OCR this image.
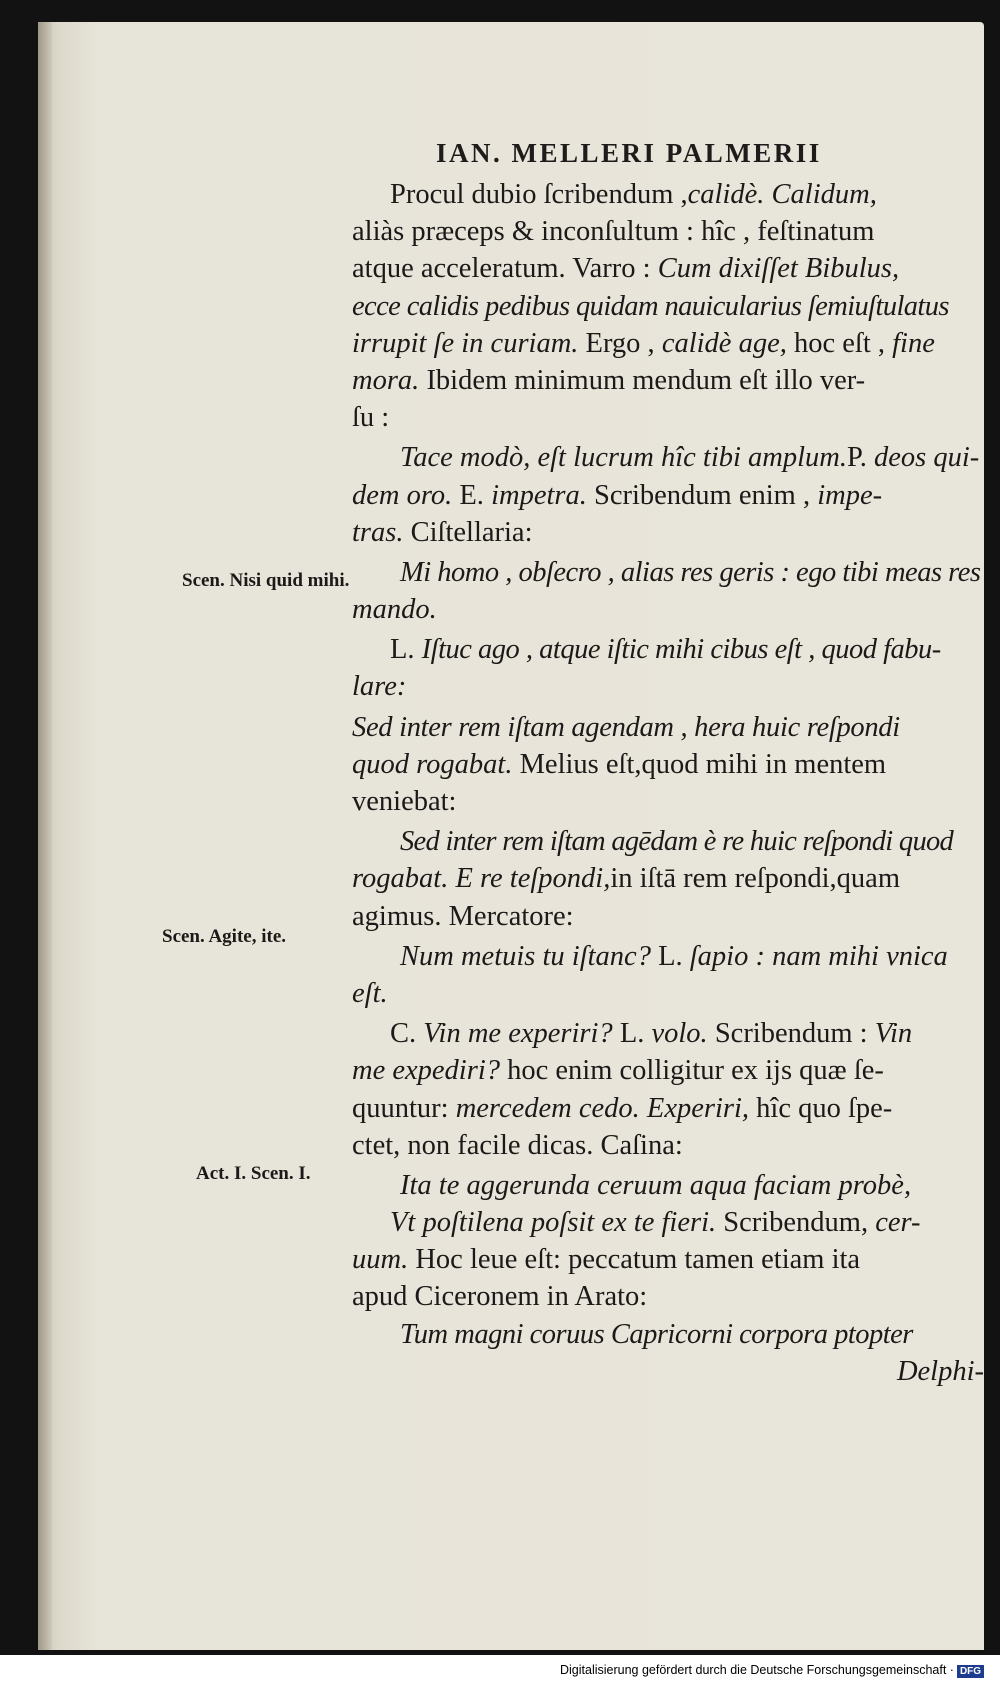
IAN. MELLERI PALMERII
Scen. Nisi quid mihi.
Scen. Agite, ite.
Act. I. Scen. I.
Procul dubio ſcribendum ,calidè. Calidum,
aliàs præceps & inconſultum : hîc , feſtinatum
atque acceleratum. Varro : Cum dixiſſet Bibulus,
ecce calidis pedibus quidam nauicularius ſemiuſtulatus
irrupit ſe in curiam. Ergo , calidè age, hoc eſt , fine
mora. Ibidem minimum mendum eſt illo ver-
ſu :
Tace modò, eſt lucrum hîc tibi amplum.P. deos qui-
dem oro. E. impetra. Scribendum enim , impe-
tras. Ciſtellaria:
Mi homo , obſecro , alias res geris : ego tibi meas res
mando.
L. Iſtuc ago , atque iſtic mihi cibus eſt , quod fabu-
lare:
Sed inter rem iſtam agendam , hera huic reſpondi
quod rogabat. Melius eſt,quod mihi in mentem
veniebat:
Sed inter rem iſtam agēdam è re huic reſpondi quod
rogabat. E re teſpondi,in iſtā rem reſpondi,quam
agimus. Mercatore:
Num metuis tu iſtanc? L. ſapio : nam mihi vnica
eſt.
C. Vin me experiri? L. volo. Scribendum : Vin
me expediri? hoc enim colligitur ex ijs quæ ſe-
quuntur: mercedem cedo. Experiri, hîc quo ſpe-
ctet, non facile dicas. Caſina:
Ita te aggerunda ceruum aqua faciam probè,
Vt poſtilena poſsit ex te fieri. Scribendum, cer-
uum. Hoc leue eſt: peccatum tamen etiam ita
apud Ciceronem in Arato:
Tum magni coruus Capricorni corpora ptopter
Delphi-
Digitalisierung gefördert durch die Deutsche Forschungsgemeinschaft · DFG
